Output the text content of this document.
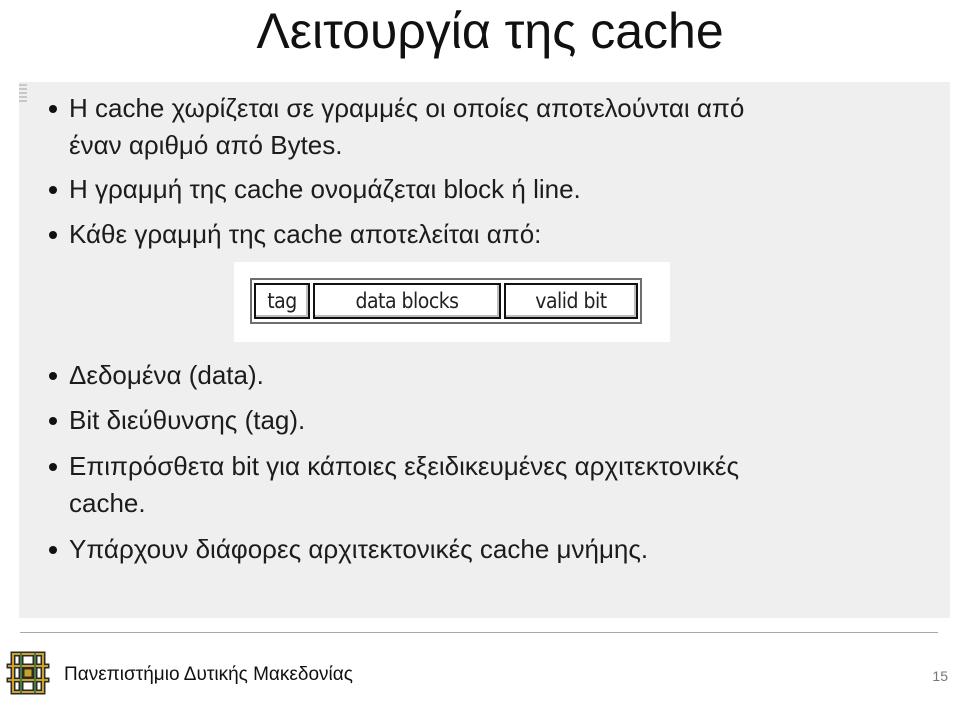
Λειτουργία της cache
Η cache χωρίζεται σε γραμμές οι οποίες αποτελούνται από
έναν αριθμό από Bytes.
Η γραμμή της cache ονομάζεται block ή line.
Κάθε γραμμή της cache αποτελείται από:
tag	data blocks	valid bit
Δεδομένα (data).
Bit διεύθυνσης (tag).
Επιπρόσθετα bit για κάποιες εξειδικευμένες αρχιτεκτονικές
cache.
Υπάρχουν διάφορες αρχιτεκτονικές cache μνήμης.
Πανεπιστήμιο Δυτικής Μακεδονίας	15
